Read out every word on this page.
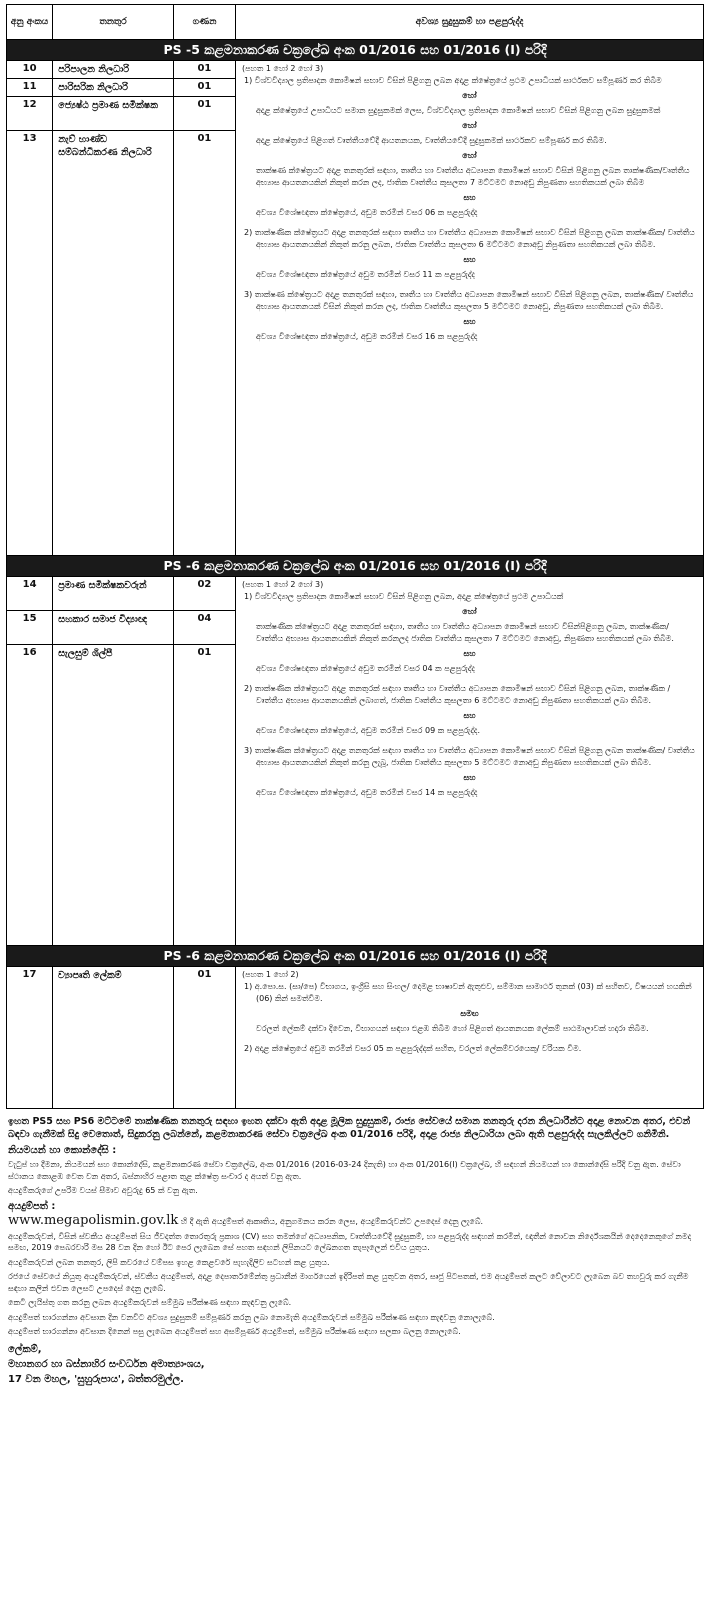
අනු අංකය	තනතුර	ගණන	අවශ්‍ය සුදුසුකම් හා පළපුරුද්ද
PS -5 කළමනාකරණ චක්‍රලේඛ අංක 01/2016 සහ 01/2016 (I) පරිදි

10	පරිපාලන නිලධාරි	01
11	පාරිසරික නිලධාරි	01
12	ජ්‍යෙෂ්ඨ ප්‍රමාණ සමීක්ෂක	01
13	නැව් භාණ්ඩ සම්බන්ධීකරණ නිලධාරි	01

(පහත 1 හෝ 2 හෝ 3)

1) විශ්වවිද්‍යාල ප්‍රතිපාදන කොමිෂන් සභාව විසින් පිළිගනු ලබන අදාළ ක්ෂේත්‍රයේ ප්‍රථම උපාධියක් සාර්ථකව සම්පූර්ණ කර තිබීම

හෝ

අදාළ ක්ෂේත්‍රයේ උපාධියට සමාන සුදුසුකමක් ලෙස, විශ්වවිද්‍යාල ප්‍රතිපාදන කොමිෂන් සභාව විසින් පිළිගනු ලබන සුදුසුකමක්

හෝ

අදාළ ක්ෂේත්‍රයේ පිළිගත් වෘත්තීයවේදී ආයතනයක, වෘත්තීයවේදී සුදුසුකමක් සාර්ථකව සම්පූර්ණ කර තිබීම.

හෝ

තාක්ෂණ ක්ෂේත්‍රයට අදාළ තනතුරක් සඳහා, තෘතීය හා වෘත්තීය අධ්‍යාපන කොමිෂන් සභාව විසින් පිළිගනු ලබන තාක්ෂණික/වෘත්තීය අභ්‍යාස ආයතනයකින් නිකුත් කරන ලද, ජාතික වෘත්තීය කුසලතා 7 මට්ටමට නොඅඩු නිපුණතා සහතිකයක් ලබා තිබීම

සහ

අවශ්‍ය විශේෂඥතා ක්ෂේත්‍රයේ, අඩුම තරමින් වසර 06 ක පළපුරුද්ද

2) තාක්ෂණික ක්ෂේත්‍රයට අදාළ තනතුරක් සඳහා තෘතීය හා වෘත්තීය අධ්‍යාපන කොමිෂන් සභාව විසින් පිළිගනු ලබන තාක්ෂණික/ වෘත්තීය අභ්‍යාස ආයතනයකින් නිකුත් කරනු ලබන, ජාතික වෘත්තීය කුසලතා 6 මට්ටමට නොඅඩු නිපුණතා සහතිකයක් ලබා තිබීම.

සහ

අවශ්‍ය විශේෂඥතා ක්ෂේත්‍රයේ අඩුම තරමින් වසර 11 ක පළපුරුද්ද

3) තාක්ෂණ ක්ෂේත්‍රයට අදාළ තනතුරක් සඳහා, තෘතීය හා වෘත්තීය අධ්‍යාපන කොමිෂන් සභාව විසින් පිළිගනු ලබන, තාක්ෂණික/ වෘත්තීය අභ්‍යාස ආයතනයක් විසින් නිකුත් කරන ලද, ජාතික වෘත්තීය කුසලතා 5 මට්ටමට නොඅඩු, නිපුණතා සහතිකයක් ලබා තිබීම.

සහ

අවශ්‍ය විශේෂඥතා ක්ෂේත්‍රයේ, අඩුම තරමින් වසර 16 ක පළපුරුද්ද

PS -6 කළමනාකරණ චක්‍රලේඛ අංක 01/2016 සහ 01/2016 (I) පරිදි

14	ප්‍රමාණ සමීක්ෂකවරුන්	02
15	සහකාර සමාජ විද්‍යාඥ	04
16	සැලසුම් ශිල්පී	01

(පහත 1 හෝ 2 හෝ 3)

1) විශ්වවිද්‍යාල ප්‍රතිපාදන කොමිෂන් සභාව විසින් පිළිගනු ලබන, අදාළ ක්ෂේත්‍රයේ ප්‍රථම උපාධියක්

හෝ

තාක්ෂණික ක්ෂේත්‍රයට අදාළ තනතුරක් සඳහා, තෘතීය හා වෘත්තීය අධ්‍යාපන කොමිෂන් සභාව විසින්පිළිගනු ලබන, තාක්ෂණික/ වෘත්තීය අභ්‍යාස ආයතනයකින් නිකුත් කරනලද ජාතික වෘත්තීය කුසලතා 7 මට්ටමට නොඅඩු, නිපුණතා සහතිකයක් ලබා තිබීම.

සහ

අවශ්‍ය විශේෂඥතා ක්ෂේත්‍රයේ අඩුම තරමින් වසර 04 ක පළපුරුද්ද

2) තාක්ෂණික ක්ෂේත්‍රයට අදාළ තනතුරක් සඳහා තෘතීය හා වෘත්තීය අධ්‍යාපන කොමිෂන් සභාව විසින් පිළිගනු ලබන, තාක්ෂණික / වෘත්තීය අභ්‍යාස ආයතනයකින් ලබාගත්, ජාතික වෘත්තීය කුසලතා 6 මට්ටමට නොඅඩු නිපුණතා සහතිකයක් ලබා තිබීම.

සහ

අවශ්‍ය විශේෂඥතා ක්ෂේත්‍රයේ, අඩුම තරමින් වසර 09 ක පළපුරුද්ද.

3) තාක්ෂණික ක්ෂේත්‍රයට අදාළ තනතුරක් සඳහා තෘතීය හා වෘත්තීය අධ්‍යාපන කොමිෂන් සභාව විසින් පිළිගනු ලබන තාක්ෂණික/ වෘත්තීය අභ්‍යාස ආයතනයකින් නිකුත් කරනු ලැබූ, ජාතික වෘත්තීය කුසලතා 5 මට්ටමට නොඅඩු නිපුණතා සහතිකයක් ලබා තිබීම.

සහ

අවශ්‍ය විශේෂඥතා ක්ෂේත්‍රයේ, අඩුම තරමින් වසර 14 ක පළපුරුද්ද

PS -6 කළමනාකරණ චක්‍රලේඛ අංක 01/2016 සහ 01/2016 (I) පරිදි
17	ව්‍යාපෘති ලේකම්	01	(පහත 1 හෝ 2)

1) අ.පො.ස. (සා/පෙ) විභාගය, ඉංග්‍රීසි සහ සිංහල/ දෙමළ භාෂාවන් ඇතුළුව, සම්මාන සාමාර්ථ තුනක් (03) ක් සහිතව, විෂයයන් හයකින් (06) කින් සමත්වීම.

සමඟ

වරලත් ලේකම් දක්වා දිවෙන, විභාගයන් සඳහා එළඹ තිබීම හෝ පිළිගත් ආයතනයක ලේකම් පාඨමාලාවක් හදාරා තිබීම.

2) අදාළ ක්ෂේත්‍රයේ අඩුම තරමින් වසර 05 ක පළපුරුද්දක් සහිත, වරලත් ලේකම්වරයෙකු/ වරියක වීම.

ඉහත PS5 සහ PS6 මට්ටමේ තාක්ෂණික තනතුරු සඳහා ඉහත දක්වා ඇති අදාළ මූලික සුදුසුකම්, රාජ්‍ය සේවයේ සමාන තනතුරු දරන නිලධාරීන්ට අදාළ නොවන අතර, එවන් බඳවා ගැනීමක් සිදු වෙතොත්, සිදුකරනු ලබන්නේ, කළමනාකරණ සේවා චක්‍රලේඛ අංක 01/2016 පරිදි, අදාළ රාජ්‍ය නිලධාරියා ලබා ඇති පළපුරුද්ද සැලකිල්ලට ගනිමිනි.

නියමයන් හා කොන්දේසි :

වැටුප් හා දීමනා, නියමයන් සහ කොන්දේසි, කළමනාකරණ සේවා චක්‍රලේඛ, අංක 01/2016 (2016-03-24 දිනැති) හා අංක 01/2016(I) චක්‍රලේඛ, හි සඳහන් නියමයන් හා කොන්දේසි පරිදි වනු ඇත. සේවා ස්ථානය කොළඹ වෙත වන අතර, බස්නාහිර පළාත තුළ ක්ෂේත්‍ර සංචාර ද අයත් වනු ඇත.

අයදුම්කරුගේ උපරිම වයස් සීමාව අවුරුදු 65 ක් වනු ඇත.

අයදුම්පත් :

www.megapolismin.gov.lk හි දී ඇති අයදුම්පත් ආකෘතිය, අනුගමනය කරන ලෙස, අයදුම්කරුවන්ට උපදෙස් දෙනු ලැබේ.

අයදුම්කරුවන්, විසින් ස්වකීය අයදුම්පත් සිය ජීවදත්ත තොරතුරු ප්‍රකාශ (CV) සහ තමන්ගේ අධ්‍යාපනික, වෘත්තීයවේදී සුදුසුකම්, හා පළපුරුද්ද සඳහන් කරමින්, ඥාතීන් නොවන නිර්දේශකයින් දෙදෙනෙකුගේ නමද සමඟ, 2019 පෙබරවාරි මස 28 වන දින හෝ ඊට පෙර ලැබෙන සේ පහත සඳහන් ලිපිනයට ලේඛනගත තැපෑලෙන් එවිය යුතුය.

අයදුම්කරුවන් ලබන තනතුර, ලිපි කවරයේ වම්පස ඉහළ කෙළවරේ පැහැදිලිව සටහන් කළ යුතුය.

රජයේ සේවයේ නියුතු අයදුම්කරුවන්, ස්වකීය අයදුම්පත්, අදාළ දෙපාර්තමේන්තු ප්‍රධානීන් මාර්ගයෙන් ඉදිරිපත් කළ යුතුවන අතර, සෘජු පිටපතක්, එම අයදුම්පත් කලට වේලාවට ලැබෙන බව තහවුරු කර ගැනීම සඳහා කලින් එවන ලෙසට උපදෙස් දෙනු ලැබේ.

කෙටි ලැයිස්තු ගත කරනු ලබන අයදුම්කරුවන් සම්මුඛ පරීක්ෂණ සඳහා කැඳවනු ලැබේ.

අයදුම්පත් භාරගන්නා අවසාන දින වනවිට අවශ්‍ය සුදුසුකම් සම්පූර්ණ කරනු ලබා නොමැති අයදුම්කරුවන් සම්මුඛ පරීක්ෂණ සඳහා කැඳවනු නොලැබේ.

අයදුම්පත් භාරගන්නා අවසාන දිනෙන් පසු ලැබෙන අයදුම්පත් සහ අසම්පූර්ණ අයදුම්පත්, සම්මුඛ පරීක්ෂණ සඳහා සලකා බලනු නොලැබේ.

ලේකම්,
මහානගර හා බස්නාහිර සංවර්ධන අමාත්‍යාංශය,
17 වන මහල, 'සුහුරුපාය', බත්තරමුල්ල.
